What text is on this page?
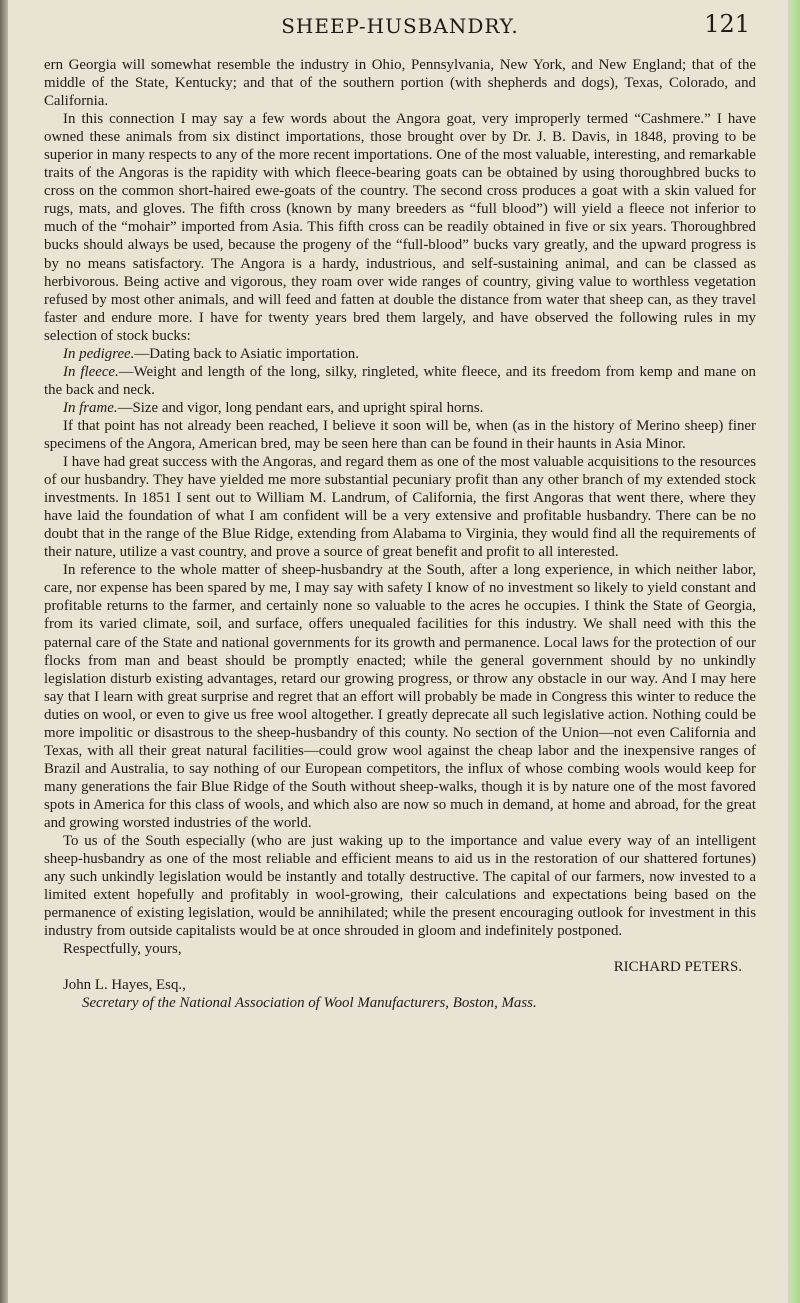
SHEEP-HUSBANDRY.	121

ern Georgia will somewhat resemble the industry in Ohio, Pennsylvania, New York, and New England; that of the middle of the State, Kentucky; and that of the southern portion (with shepherds and dogs), Texas, Colorado, and California.

In this connection I may say a few words about the Angora goat, very improperly termed “Cashmere.” I have owned these animals from six distinct importations, those brought over by Dr. J. B. Davis, in 1848, proving to be superior in many respects to any of the more recent importations. One of the most valuable, interesting, and remarkable traits of the Angoras is the rapidity with which fleece-bearing goats can be obtained by using thoroughbred bucks to cross on the common short-haired ewe-goats of the country. The second cross produces a goat with a skin valued for rugs, mats, and gloves. The fifth cross (known by many breeders as “full blood”) will yield a fleece not inferior to much of the “mohair” imported from Asia. This fifth cross can be readily obtained in five or six years. Thoroughbred bucks should always be used, because the progeny of the “full-blood” bucks vary greatly, and the upward progress is by no means satisfactory. The Angora is a hardy, industrious, and self-sustaining animal, and can be classed as herbivorous. Being active and vigorous, they roam over wide ranges of country, giving value to worthless vegetation refused by most other animals, and will feed and fatten at double the distance from water that sheep can, as they travel faster and endure more. I have for twenty years bred them largely, and have observed the following rules in my selection of stock bucks:

In pedigree.—Dating back to Asiatic importation.

In fleece.—Weight and length of the long, silky, ringleted, white fleece, and its freedom from kemp and mane on the back and neck.

In frame.—Size and vigor, long pendant ears, and upright spiral horns.

If that point has not already been reached, I believe it soon will be, when (as in the history of Merino sheep) finer specimens of the Angora, American bred, may be seen here than can be found in their haunts in Asia Minor.

I have had great success with the Angoras, and regard them as one of the most valuable acquisitions to the resources of our husbandry. They have yielded me more substantial pecuniary profit than any other branch of my extended stock investments. In 1851 I sent out to William M. Landrum, of California, the first Angoras that went there, where they have laid the foundation of what I am confident will be a very extensive and profitable husbandry. There can be no doubt that in the range of the Blue Ridge, extending from Alabama to Virginia, they would find all the requirements of their nature, utilize a vast country, and prove a source of great benefit and profit to all interested.

In reference to the whole matter of sheep-husbandry at the South, after a long experience, in which neither labor, care, nor expense has been spared by me, I may say with safety I know of no investment so likely to yield constant and profitable returns to the farmer, and certainly none so valuable to the acres he occupies. I think the State of Georgia, from its varied climate, soil, and surface, offers unequaled facilities for this industry. We shall need with this the paternal care of the State and national governments for its growth and permanence. Local laws for the protection of our flocks from man and beast should be promptly enacted; while the general government should by no unkindly legislation disturb existing advantages, retard our growing progress, or throw any obstacle in our way. And I may here say that I learn with great surprise and regret that an effort will probably be made in Congress this winter to reduce the duties on wool, or even to give us free wool altogether. I greatly deprecate all such legislative action. Nothing could be more impolitic or disastrous to the sheep-husbandry of this county. No section of the Union—not even California and Texas, with all their great natural facilities—could grow wool against the cheap labor and the inexpensive ranges of Brazil and Australia, to say nothing of our European competitors, the influx of whose combing wools would keep for many generations the fair Blue Ridge of the South without sheep-walks, though it is by nature one of the most favored spots in America for this class of wools, and which also are now so much in demand, at home and abroad, for the great and growing worsted industries of the world.

To us of the South especially (who are just waking up to the importance and value every way of an intelligent sheep-husbandry as one of the most reliable and efficient means to aid us in the restoration of our shattered fortunes) any such unkindly legislation would be instantly and totally destructive. The capital of our farmers, now invested to a limited extent hopefully and profitably in wool-growing, their calculations and expectations being based on the permanence of existing legislation, would be annihilated; while the present encouraging outlook for investment in this industry from outside capitalists would be at once shrouded in gloom and indefinitely postponed.

Respectfully, yours,

RICHARD PETERS.
John L. Hayes, Esq.,
Secretary of the National Association of Wool Manufacturers, Boston, Mass.
